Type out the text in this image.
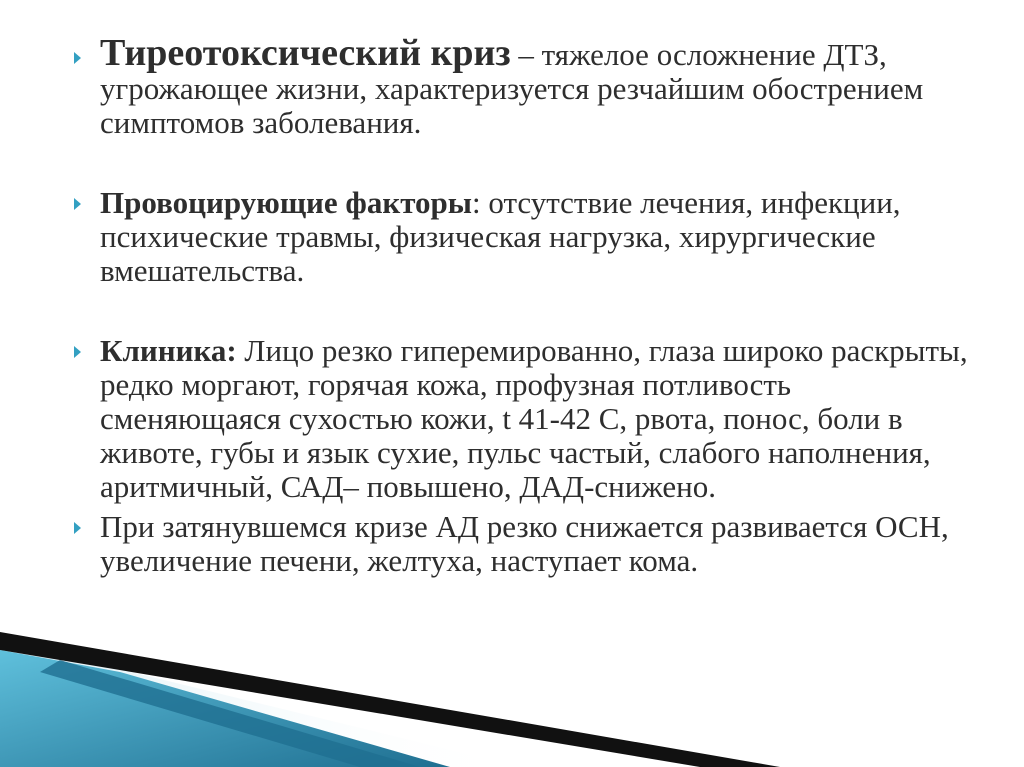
Тиреотоксический криз – тяжелое осложнение ДТЗ, угрожающее жизни, характеризуется резчайшим обострением симптомов заболевания.
Провоцирующие факторы: отсутствие лечения, инфекции, психические травмы, физическая нагрузка, хирургические вмешательства.
Клиника: Лицо резко гиперемированно, глаза широко раскрыты, редко моргают, горячая кожа, профузная потливость сменяющаяся сухостью кожи, t 41-42 С, рвота, понос, боли в животе, губы и язык сухие, пульс частый, слабого наполнения, аритмичный, САД– повышено, ДАД-снижено.
При затянувшемся кризе АД резко снижается развивается ОСН, увеличение печени, желтуха, наступает кома.
